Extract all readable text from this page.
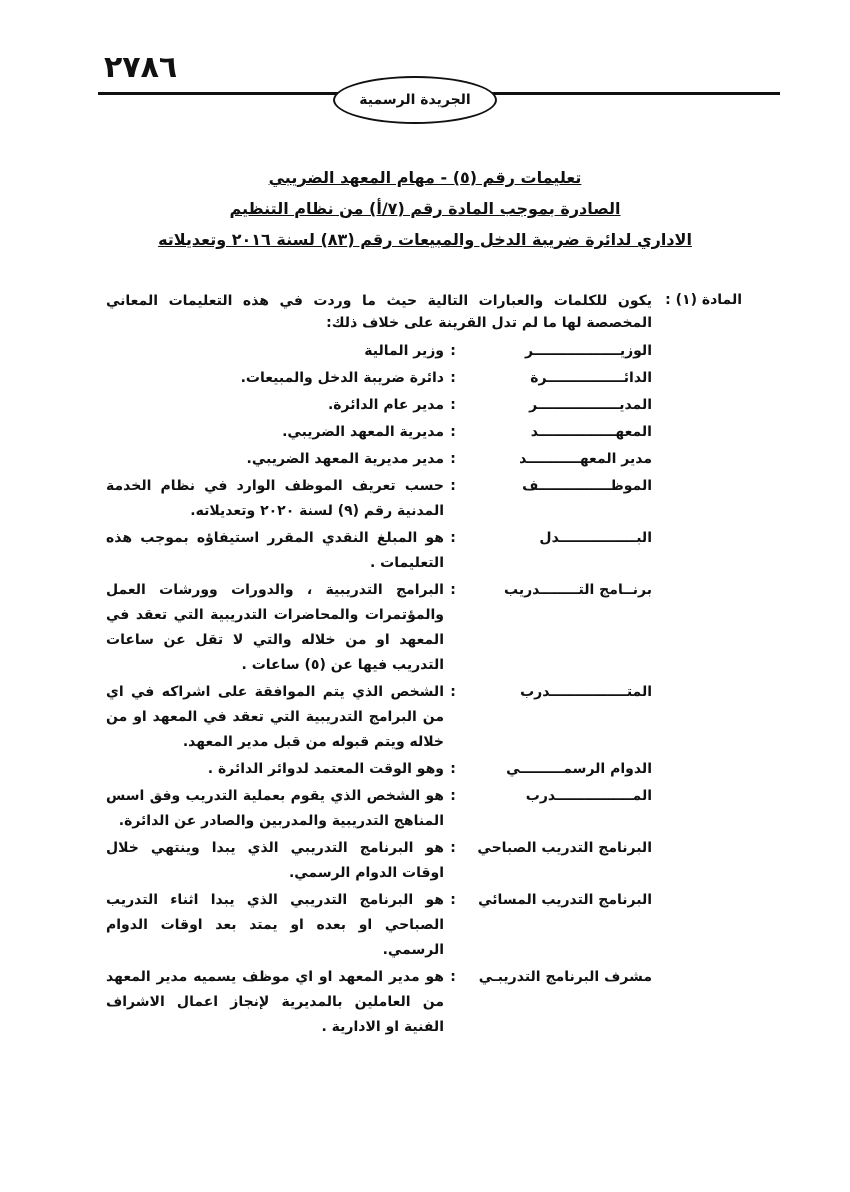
٢٧٨٦
الجريدة الرسمية
تعليمات رقم (٥) - مهام المعهد الضريبي
الصادرة بموجب المادة رقم (٧/أ) من نظام التنظيم
الاداري لدائرة ضريبة الدخل والمبيعات رقم (٨٣) لسنة ٢٠١٦ وتعديلاته
المادة (١) :
يكون للكلمات والعبارات التالية حيث ما وردت في هذه التعليمات المعاني المخصصة لها ما لم تدل القرينة على خلاف ذلك:
الوزيــــــــــــــــــر
:
وزير المالية
الدائــــــــــــــــرة
:
دائرة ضريبة الدخل والمبيعات.
المديـــــــــــــــــر
:
مدير عام الدائرة.
المعهــــــــــــــــد
:
مديرية المعهد الضريبي.
مدير المعهـــــــــــد
:
مدير مديرية المعهد الضريبي.
الموظـــــــــــــــف
:
حسب تعريف الموظف الوارد في نظام الخدمة المدنية رقم (٩) لسنة ٢٠٢٠ وتعديلاته.
البــــــــــــــــدل
:
هو المبلغ النقدي المقرر استيفاؤه بموجب هذه التعليمات .
برنــامج التــــــــدريب
:
البرامج التدريبية ، والدورات وورشات العمل والمؤتمرات والمحاضرات التدريبية التي تعقد في المعهد او من خلاله والتي لا تقل عن ساعات التدريب فيها عن (٥) ساعات .
المتــــــــــــــــدرب
:
الشخص الذي يتم الموافقة على اشراكه في اي من البرامج التدريبية التي تعقد في المعهد او من خلاله ويتم قبوله من قبل مدير المعهد.
الدوام الرسمـــــــــي
:
وهو الوقت المعتمد لدوائر الدائرة .
المــــــــــــــــدرب
:
هو الشخص الذي يقوم بعملية التدريب وفق اسس المناهج التدريبية والمدربين والصادر عن الدائرة.
البرنامج التدريب الصباحي
:
هو البرنامج التدريبي الذي يبدا وينتهي خلال اوقات الدوام الرسمي.
البرنامج التدريب المسائي
:
هو البرنامج التدريبي الذي يبدا اثناء التدريب الصباحي او بعده او يمتد بعد اوقات الدوام الرسمي.
مشرف البرنامج التدريبـي
:
هو مدير المعهد او اي موظف يسميه مدير المعهد من العاملين بالمديرية لإنجاز اعمال الاشراف الفنية او الادارية .
